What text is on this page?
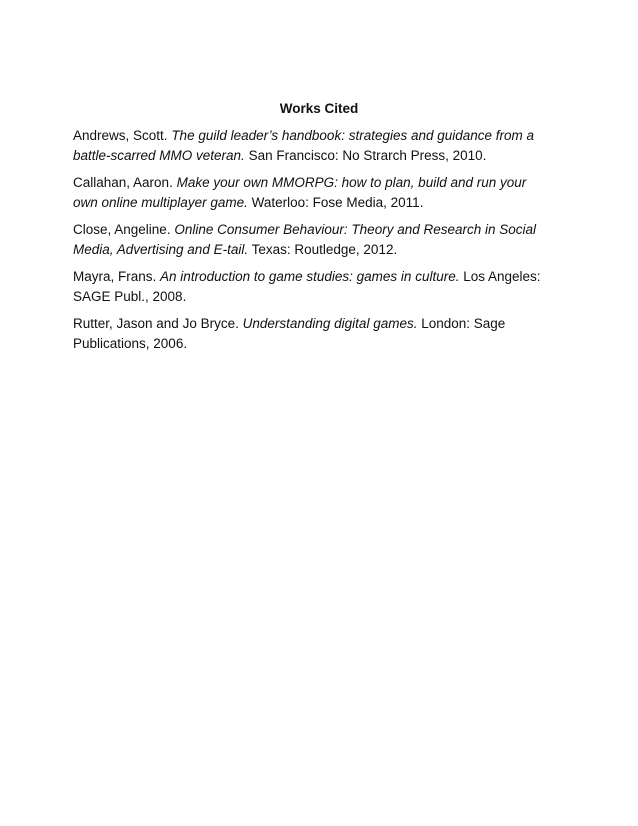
Works Cited

Andrews, Scott. The guild leader’s handbook: strategies and guidance from a battle-scarred MMO veteran. San Francisco: No Strarch Press, 2010.

Callahan, Aaron. Make your own MMORPG: how to plan, build and run your own online multiplayer game. Waterloo: Fose Media, 2011.

Close, Angeline. Online Consumer Behaviour: Theory and Research in Social Media, Advertising and E-tail. Texas: Routledge, 2012.

Mayra, Frans. An introduction to game studies: games in culture. Los Angeles: SAGE Publ., 2008.

Rutter, Jason and Jo Bryce. Understanding digital games. London: Sage Publications, 2006.
